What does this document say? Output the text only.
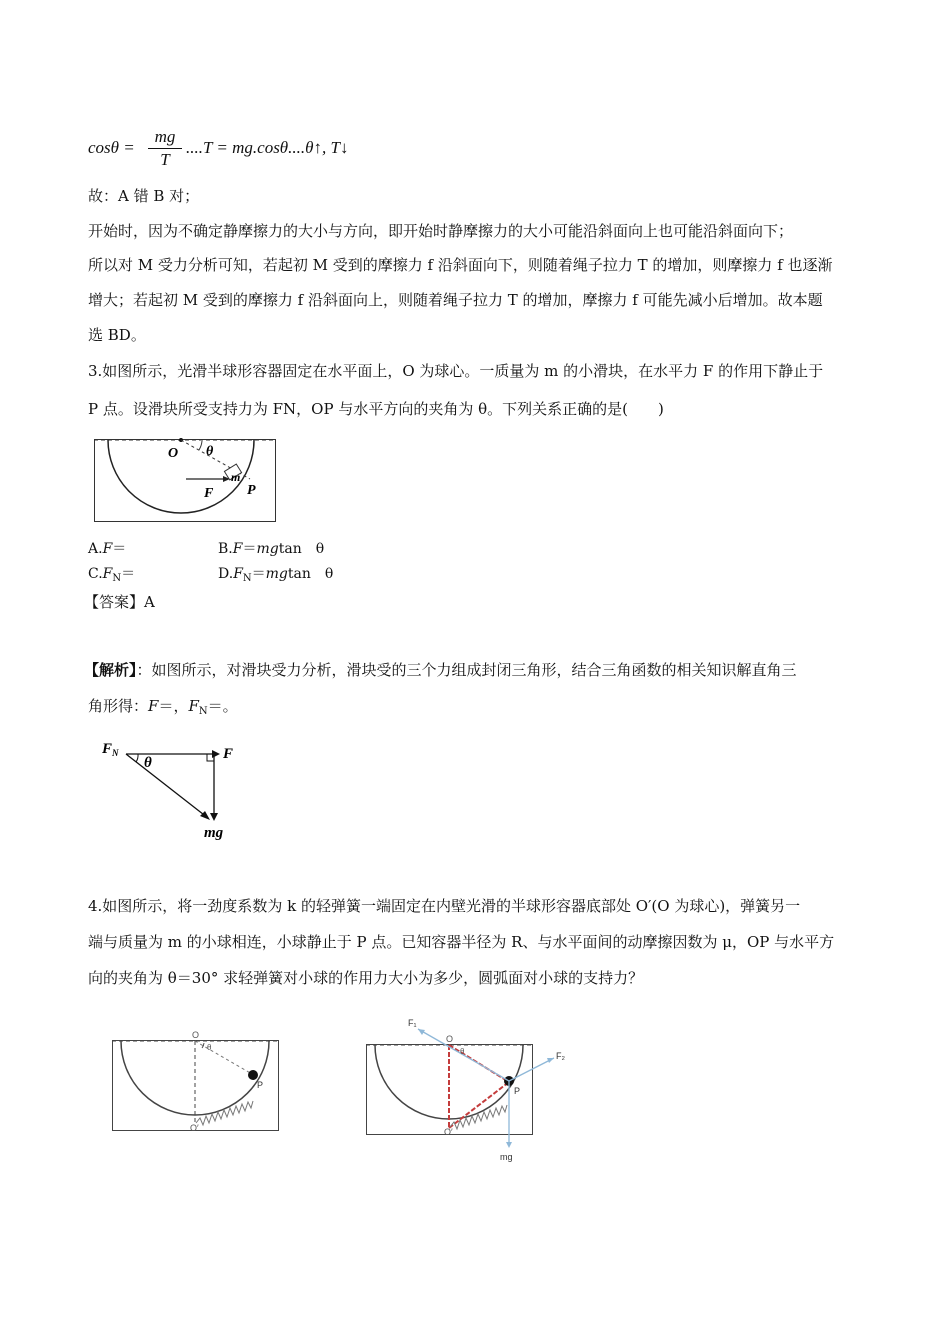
cosθ =
mg
T
....T = mg.cosθ....θ↑, T↓
故：A 错 B 对；
开始时，因为不确定静摩擦力的大小与方向，即开始时静摩擦力的大小可能沿斜面向上也可能沿斜面向下；
所以对 M 受力分析可知，若起初 M 受到的摩擦力 f 沿斜面向下，则随着绳子拉力 T 的增加，则摩擦力 f 也逐渐
增大；若起初 M 受到的摩擦力 f 沿斜面向上，则随着绳子拉力 T 的增加，摩擦力 f 可能先减小后增加。故本题
选 BD。
3.如图所示，光滑半球形容器固定在水平面上，O 为球心。一质量为 m 的小滑块，在水平力 F 的作用下静止于
P 点。设滑块所受支持力为 FN，OP 与水平方向的夹角为 θ。下列关系正确的是(　　)
O θ
m
F P
A.F＝	B.F＝mgtan　θ
$C.F_N=$	$D.F_N=mgtan$　θ
【答案】A
【解析】：如图所示，对滑块受力分析，滑块受的三个力组成封闭三角形，结合三角函数的相关知识解直角三
角形得：F＝，$F_N=$。
$F_N$
θ
F
mg
4.如图所示，将一劲度系数为 k 的轻弹簧一端固定在内壁光滑的半球形容器底部处 O′(O 为球心)，弹簧另一
端与质量为 m 的小球相连，小球静止于 P 点。已知容器半径为 R、与水平面间的动摩擦因数为 μ，OP 与水平方
向的夹角为 θ＝30° 求轻弹簧对小球的作用力大小为多少，圆弧面对小球的支持力？
O
θ
P
O′
F₁
F₂
O
θ
P
O′
mg
